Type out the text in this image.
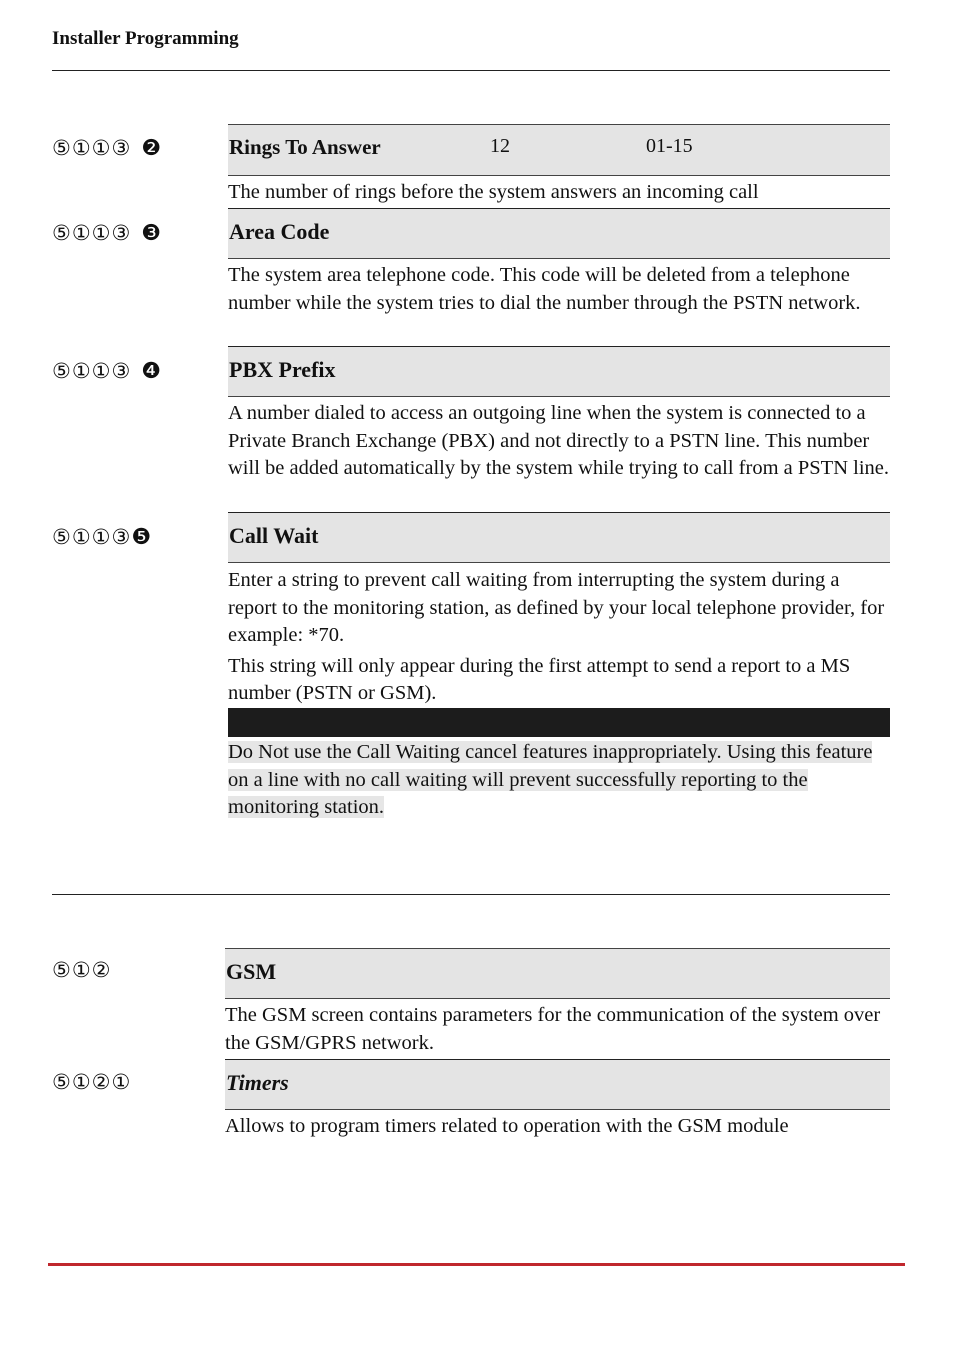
Installer Programming
⑤①①③ ❷	Rings To Answer	12	01-15

The number of rings before the system answers an incoming call

⑤①①③ ❸	Area Code

The system area telephone code. This code will be deleted from a telephone number while the system tries to dial the number through the PSTN network.

⑤①①③ ❹	PBX Prefix

A number dialed to access an outgoing line when the system is connected to a Private Branch Exchange (PBX) and not directly to a PSTN line. This number will be added automatically by the system while trying to call from a PSTN line.

⑤①①③❺	Call Wait

Enter a string to prevent call waiting from interrupting the system during a report to the monitoring station, as defined by your local telephone provider, for example: *70.

This string will only appear during the first attempt to send a report to a MS number (PSTN or GSM).

Do Not use the Call Waiting cancel features inappropriately. Using this feature on a line with no call waiting will prevent successfully reporting to the monitoring station.
⑤①②	GSM

The GSM screen contains parameters for the communication of the system over the GSM/GPRS network.

⑤①②①	Timers

Allows to program timers related to operation with the GSM module
